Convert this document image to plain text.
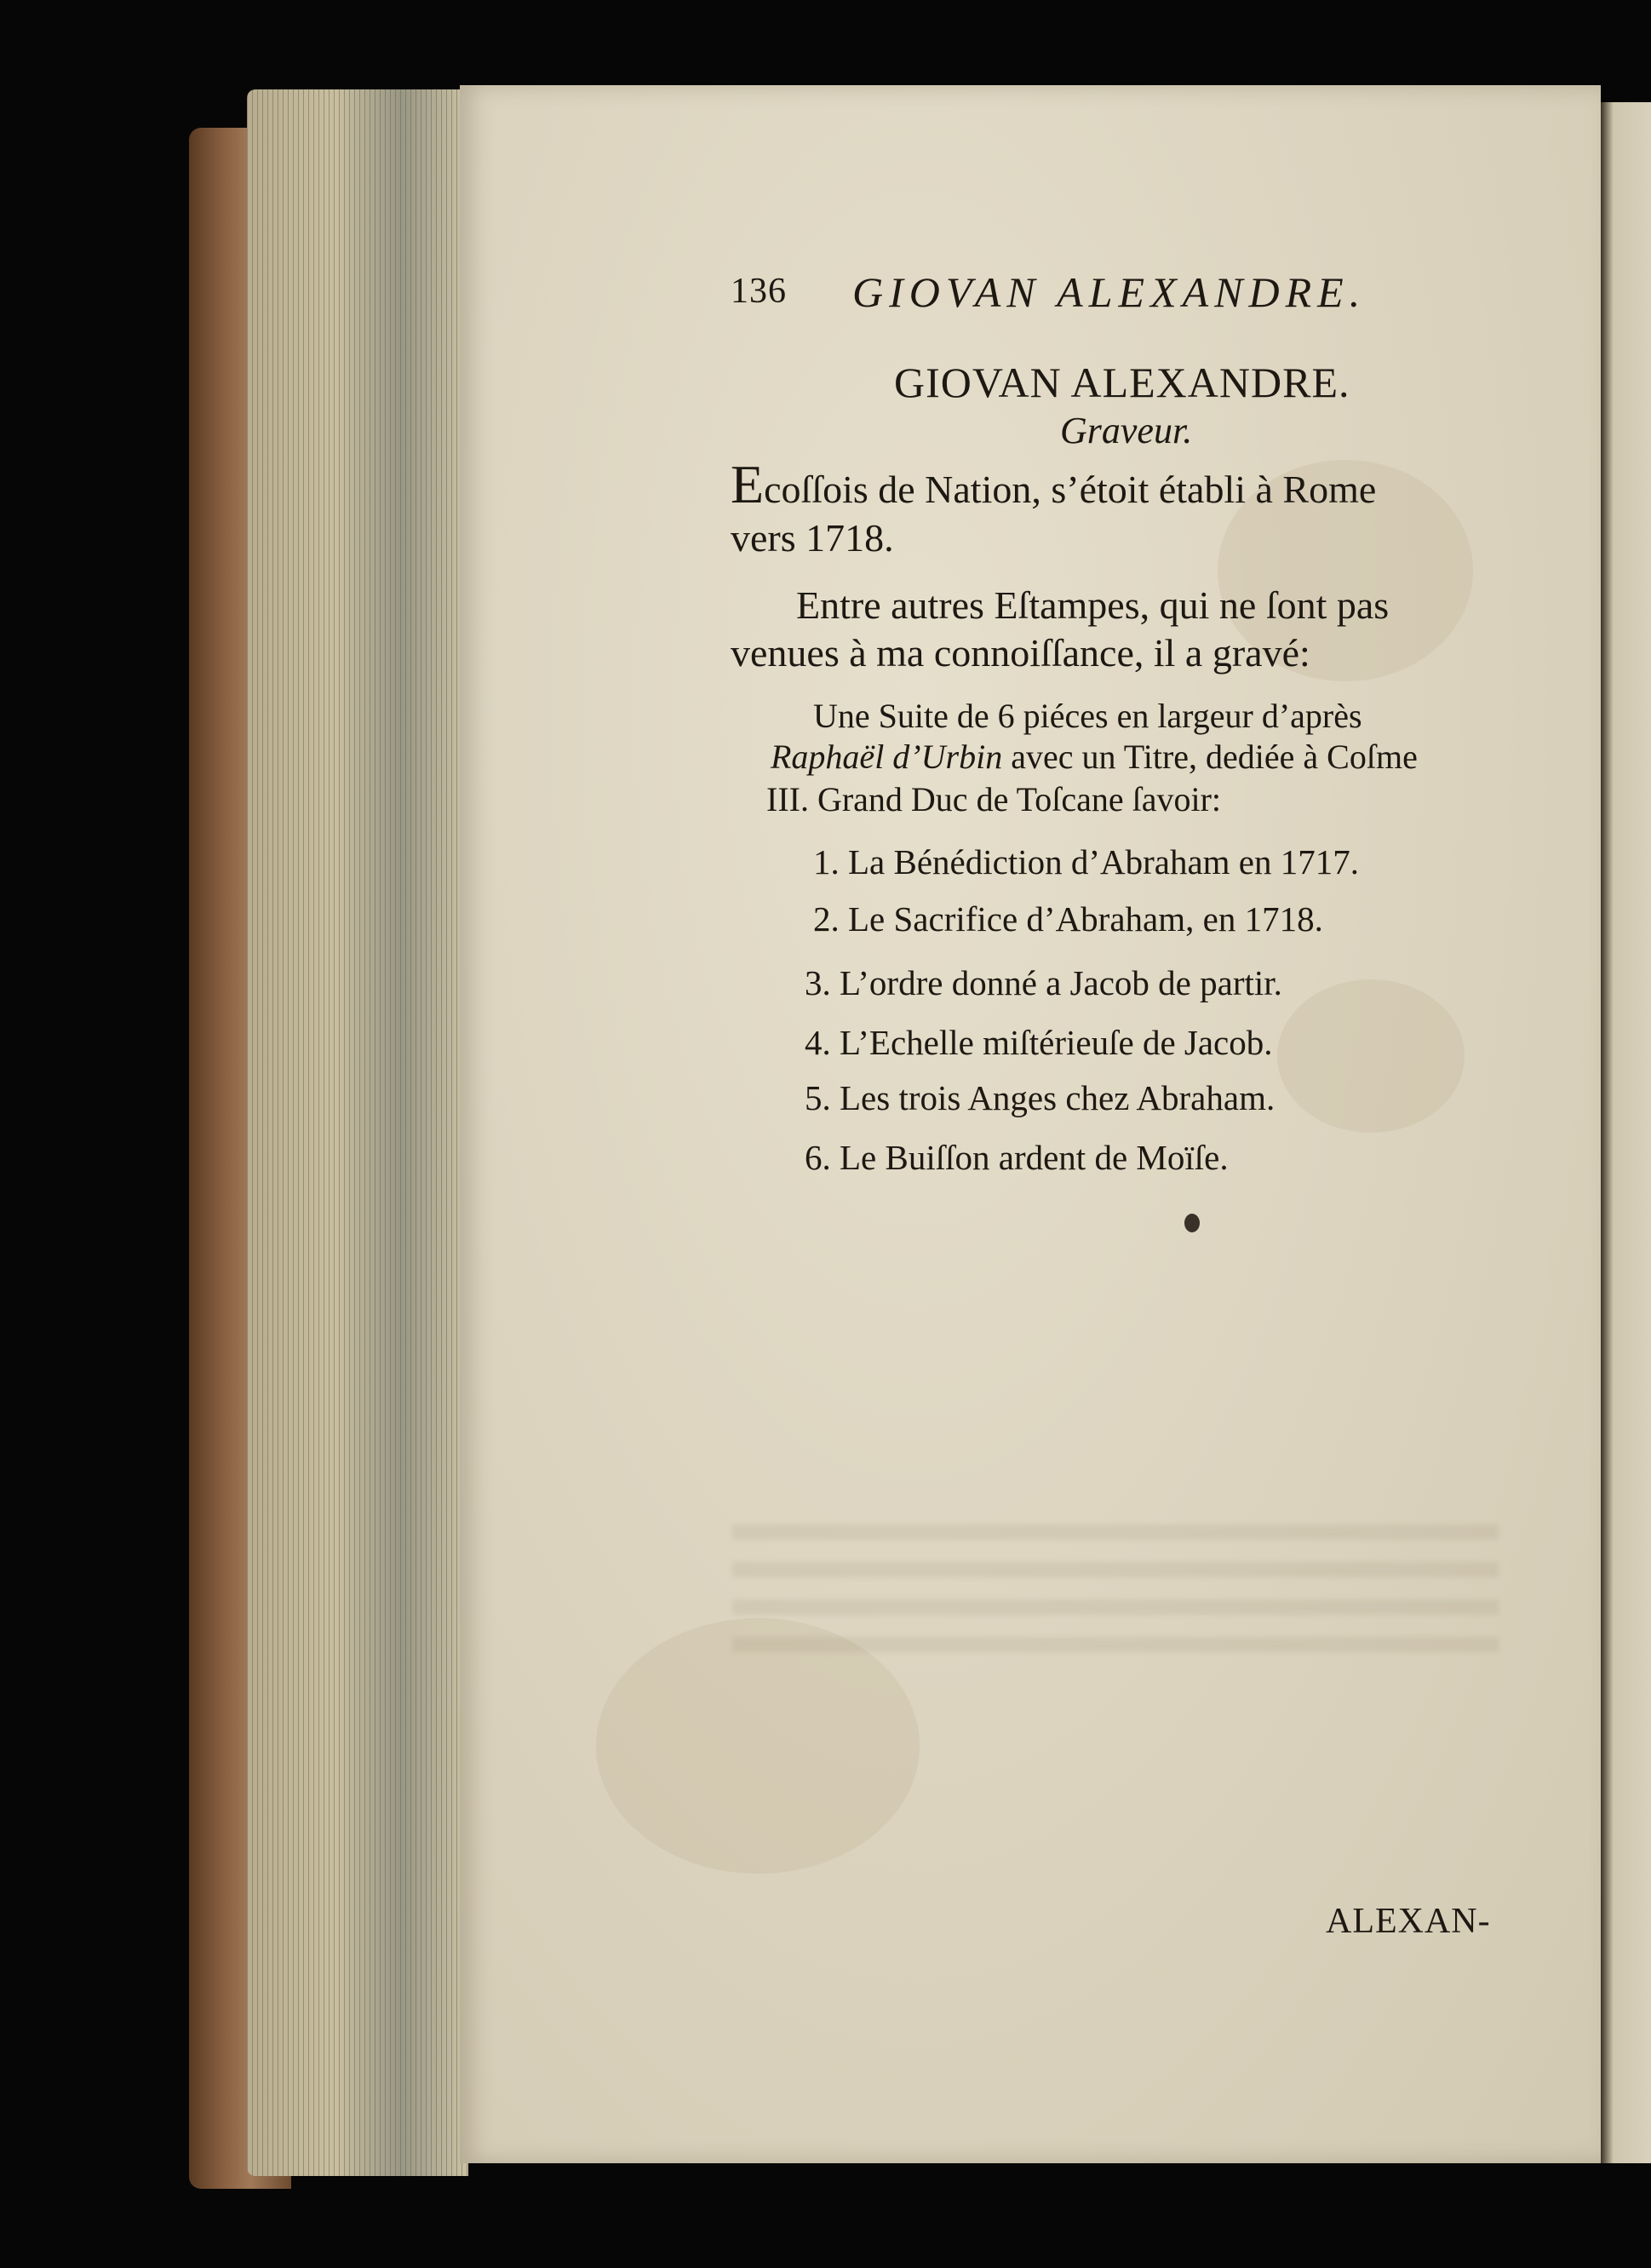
136 GIOVAN ALEXANDRE.
GIOVAN ALEXANDRE.
Graveur.
Ecoſſois de Nation, s’étoit établi à Rome
vers 1718.
Entre autres Eſtampes, qui ne ſont pas
venues à ma connoiſſance, il a gravé:
Une Suite de 6 piéces en largeur d’après
Raphaël d’Urbin avec un Titre, dediée à Coſme
III. Grand Duc de Toſcane ſavoir:
1. La Bénédiction d’Abraham en 1717.
2. Le Sacrifice d’Abraham, en 1718.
3. L’ordre donné a Jacob de partir.
4. L’Echelle miſtérieuſe de Jacob.
5. Les trois Anges chez Abraham.
6. Le Buiſſon ardent de Moïſe.
ALEXAN-
